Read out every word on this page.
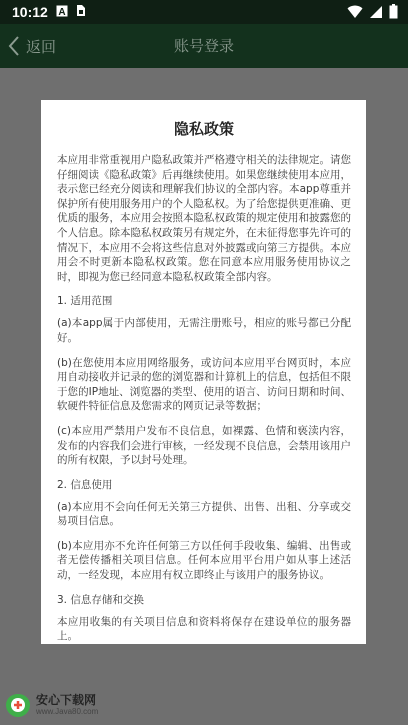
10:12 A
返回	账号登录
隐私政策

本应用非常重视用户隐私政策并严格遵守相关的法律规定。请您仔细阅读《隐私政策》后再继续使用。如果您继续使用本应用，表示您已经充分阅读和理解我们协议的全部内容。本app尊重并保护所有使用服务用户的个人隐私权。为了给您提供更准确、更优质的服务，本应用会按照本隐私权政策的规定使用和披露您的个人信息。除本隐私权政策另有规定外，在未征得您事先许可的情况下，本应用不会将这些信息对外披露或向第三方提供。本应用会不时更新本隐私权政策。您在同意本应用服务使用协议之时，即视为您已经同意本隐私权政策全部内容。

1. 适用范围

(a)本app属于内部使用，无需注册账号，相应的账号都已分配好。

(b)在您使用本应用网络服务，或访问本应用平台网页时，本应用自动接收并记录的您的浏览器和计算机上的信息，包括但不限于您的IP地址、浏览器的类型、使用的语言、访问日期和时间、软硬件特征信息及您需求的网页记录等数据；

(c)本应用严禁用户发布不良信息，如裸露、色情和亵渎内容，发布的内容我们会进行审核，一经发现不良信息，会禁用该用户的所有权限，予以封号处理。

2. 信息使用

(a)本应用不会向任何无关第三方提供、出售、出租、分享或交易项目信息。

(b)本应用亦不允许任何第三方以任何手段收集、编辑、出售或者无偿传播相关项目信息。任何本应用平台用户如从事上述活动，一经发现，本应用有权立即终止与该用户的服务协议。

3. 信息存储和交换

本应用收集的有关项目信息和资料将保存在建设单位的服务器上。

安心下载网
www.Java80.com
